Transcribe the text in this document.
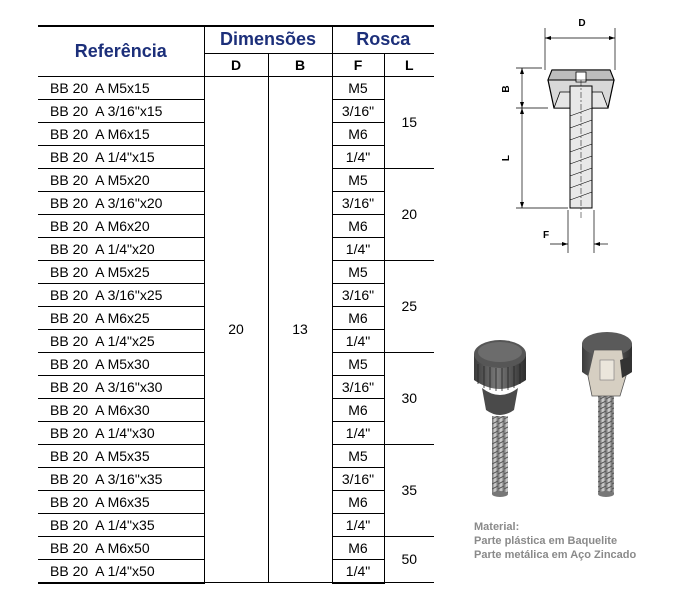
Referência	Dimensões		Rosca	
	D	B	F	L
BB 20  A M5x15	20	13	M5	15
BB 20  A 3/16"x15			3/16"	
BB 20  A M6x15			M6	
BB 20  A 1/4"x15			1/4"	
BB 20  A M5x20			M5	20
BB 20  A 3/16"x20			3/16"	
BB 20  A M6x20			M6	
BB 20  A 1/4"x20			1/4"	
BB 20  A M5x25			M5	25
BB 20  A 3/16"x25			3/16"	
BB 20  A M6x25			M6	
BB 20  A 1/4"x25			1/4"	
BB 20  A M5x30			M5	30
BB 20  A 3/16"x30			3/16"	
BB 20  A M6x30			M6	
BB 20  A 1/4"x30			1/4"	
BB 20  A M5x35			M5	35
BB 20  A 3/16"x35			3/16"	
BB 20  A M6x35			M6	
BB 20  A 1/4"x35			1/4"	
BB 20  A M6x50			M6	50
BB 20  A 1/4"x50			1/4"	
D
B
L
F
Material:
Parte plástica em Baquelite
Parte metálica em Aço Zincado
